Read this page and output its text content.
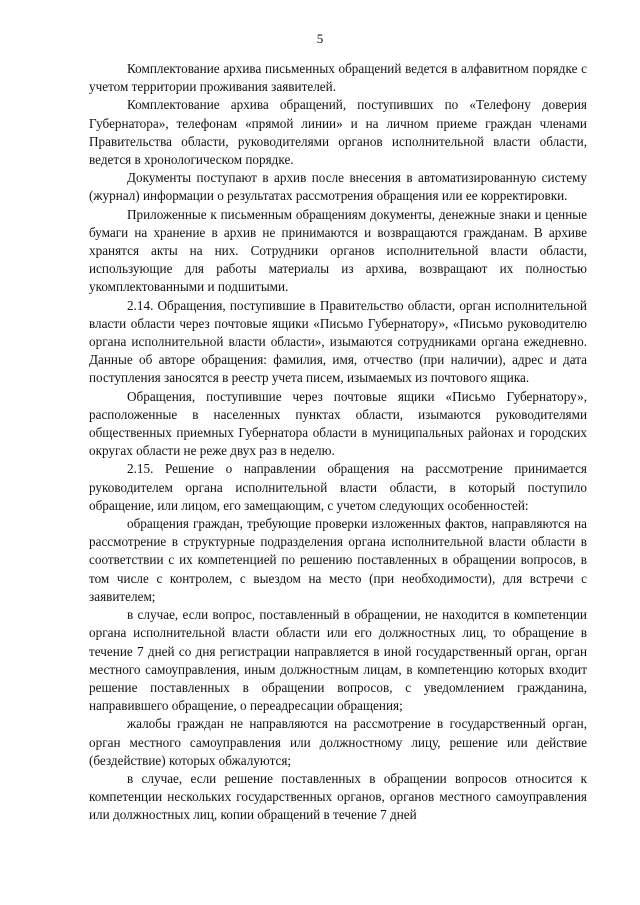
5

Комплектование архива письменных обращений ведется в алфавитном порядке с учетом территории проживания заявителей.

Комплектование архива обращений, поступивших по «Телефону доверия Губернатора», телефонам «прямой линии» и на личном приеме граждан членами Правительства области, руководителями органов исполнительной власти области, ведется в хронологическом порядке.

Документы поступают в архив после внесения в автоматизированную систему (журнал) информации о результатах рассмотрения обращения или ее корректировки.

Приложенные к письменным обращениям документы, денежные знаки и ценные бумаги на хранение в архив не принимаются и возвращаются гражданам. В архиве хранятся акты на них. Сотрудники органов исполнительной власти области, использующие для работы материалы из архива, возвращают их полностью укомплектованными и подшитыми.

2.14. Обращения, поступившие в Правительство области, орган исполнительной власти области через почтовые ящики «Письмо Губернатору», «Письмо руководителю органа исполнительной власти области», изымаются сотрудниками органа ежедневно. Данные об авторе обращения: фамилия, имя, отчество (при наличии), адрес и дата поступления заносятся в реестр учета писем, изымаемых из почтового ящика.

Обращения, поступившие через почтовые ящики «Письмо Губернатору», расположенные в населенных пунктах области, изымаются руководителями общественных приемных Губернатора области в муниципальных районах и городских округах области не реже двух раз в неделю.

2.15. Решение о направлении обращения на рассмотрение принимается руководителем органа исполнительной власти области, в который поступило обращение, или лицом, его замещающим, с учетом следующих особенностей:

обращения граждан, требующие проверки изложенных фактов, направляются на рассмотрение в структурные подразделения органа исполнительной власти области в соответствии с их компетенцией по решению поставленных в обращении вопросов, в том числе с контролем, с выездом на место (при необходимости), для встречи с заявителем;

в случае, если вопрос, поставленный в обращении, не находится в компетенции органа исполнительной власти области или его должностных лиц, то обращение в течение 7 дней со дня регистрации направляется в иной государственный орган, орган местного самоуправления, иным должностным лицам, в компетенцию которых входит решение поставленных в обращении вопросов, с уведомлением гражданина, направившего обращение, о переадресации обращения;

жалобы граждан не направляются на рассмотрение в государственный орган, орган местного самоуправления или должностному лицу, решение или действие (бездействие) которых обжалуются;

в случае, если решение поставленных в обращении вопросов относится к компетенции нескольких государственных органов, органов местного самоуправления или должностных лиц, копии обращений в течение 7 дней
